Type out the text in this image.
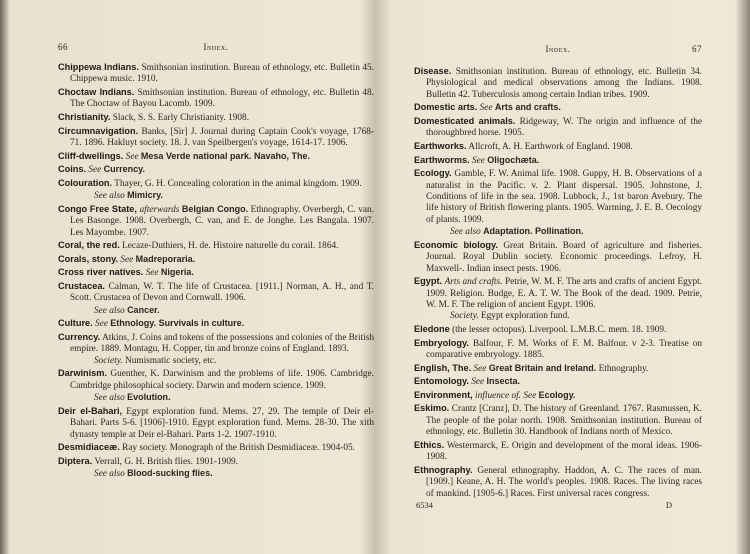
66	Index.
Chippewa Indians. Smithsonian institution. Bureau of ethnology, etc. Bulletin 45. Chippewa music. 1910.
Choctaw Indians. Smithsonian institution. Bureau of ethnology, etc. Bulletin 48. The Choctaw of Bayou Lacomb. 1909.
Christianity. Slack, S. S. Early Christianity. 1908.
Circumnavigation. Banks, [Sir] J. Journal during Captain Cook's voyage, 1768-71. 1896. Hakluyt society. 18. J. van Speilbergen's voyage, 1614-17. 1906.
Cliff-dwellings. See Mesa Verde national park. Navaho, The.
Coins. See Currency.
Colouration. Thayer, G. H. Concealing coloration in the animal kingdom. 1909.
See also Mimicry.
Congo Free State, afterwards Belgian Congo. Ethnography. Overbergh, C. van. Les Basonge. 1908. Overbergh, C. van, and E. de Jonghe. Les Bangala. 1907. Les Mayombe. 1907.
Coral, the red. Lecaze-Duthiers, H. de. Histoire naturelle du corail. 1864.
Corals, stony. See Madreporaria.
Cross river natives. See Nigeria.
Crustacea. Calman, W. T. The life of Crustacea. [1911.] Norman, A. H., and T. Scott. Crustacea of Devon and Cornwall. 1906.
See also Cancer.
Culture. See Ethnology. Survivals in culture.
Currency. Atkins, J. Coins and tokens of the possessions and colonies of the British empire. 1889. Montagu, H. Copper, tin and bronze coins of England. 1893.
Society. Numismatic society, etc.
Darwinism. Guenther, K. Darwinism and the problems of life. 1906. Cambridge. Cambridge philosophical society. Darwin and modern science. 1909.
See also Evolution.
Deir el-Bahari, Egypt exploration fund. Mems. 27, 29. The temple of Deir el-Bahari. Parts 5-6. [1906]-1910. Egypt exploration fund. Mems. 28-30. The xith dynasty temple at Deir el-Bahari. Parts 1-2. 1907-1910.
Desmidiaceæ. Ray society. Monograph of the British Desmidiaceæ. 1904-05.
Diptera. Verrall, G. H. British flies. 1901-1909.
See also Blood-sucking flies.
Index.	67
Disease. Smithsonian institution. Bureau of ethnology, etc. Bulletin 34. Physiological and medical observations among the Indians. 1908. Bulletin 42. Tuberculosis among certain Indian tribes. 1909.
Domestic arts. See Arts and crafts.
Domesticated animals. Ridgeway, W. The origin and influence of the thoroughbred horse. 1905.
Earthworks. Allcroft, A. H. Earthwork of England. 1908.
Earthworms. See Oligochæta.
Ecology. Gamble, F. W. Animal life. 1908. Guppy, H. B. Observations of a naturalist in the Pacific. v. 2. Plant dispersal. 1905. Johnstone, J. Conditions of life in the sea. 1908. Lubbock, J., 1st baron Avebury. The life history of British flowering plants. 1905. Warming, J. E. B. Oecology of plants. 1909.
See also Adaptation. Pollination.
Economic biology. Great Britain. Board of agriculture and fisheries. Journal. Royal Dublin society. Economic proceedings. Lefroy, H. Maxwell-. Indian insect pests. 1906.
Egypt. Arts and crafts. Petrie, W. M. F. The arts and crafts of ancient Egypt. 1909. Religion. Budge, E. A. T. W. The Book of the dead. 1909. Petrie, W. M. F. The religion of ancient Egypt. 1906.
Society. Egypt exploration fund.
Eledone (the lesser octopus). Liverpool. L.M.B.C. mem. 18. 1909.
Embryology. Balfour, F. M. Works of F. M. Balfour. v 2-3. Treatise on comparative embryology. 1885.
English, The. See Great Britain and Ireland. Ethnography.
Entomology. See Insecta.
Environment, influence of. See Ecology.
Eskimo. Crantz [Cranz], D. The history of Greenland. 1767. Rasmussen, K. The people of the polar north. 1908. Smithsonian institution. Bureau of ethnology, etc. Bulletin 30. Handbook of Indians north of Mexico.
Ethics. Westermarck, E. Origin and development of the moral ideas. 1906-1908.
Ethnography. General ethnography. Haddon, A. C. The races of man. [1909.] Keane, A. H. The world's peoples. 1908. Races. The living races of mankind. [1905-6.] Races. First universal races congress.
6534	D
